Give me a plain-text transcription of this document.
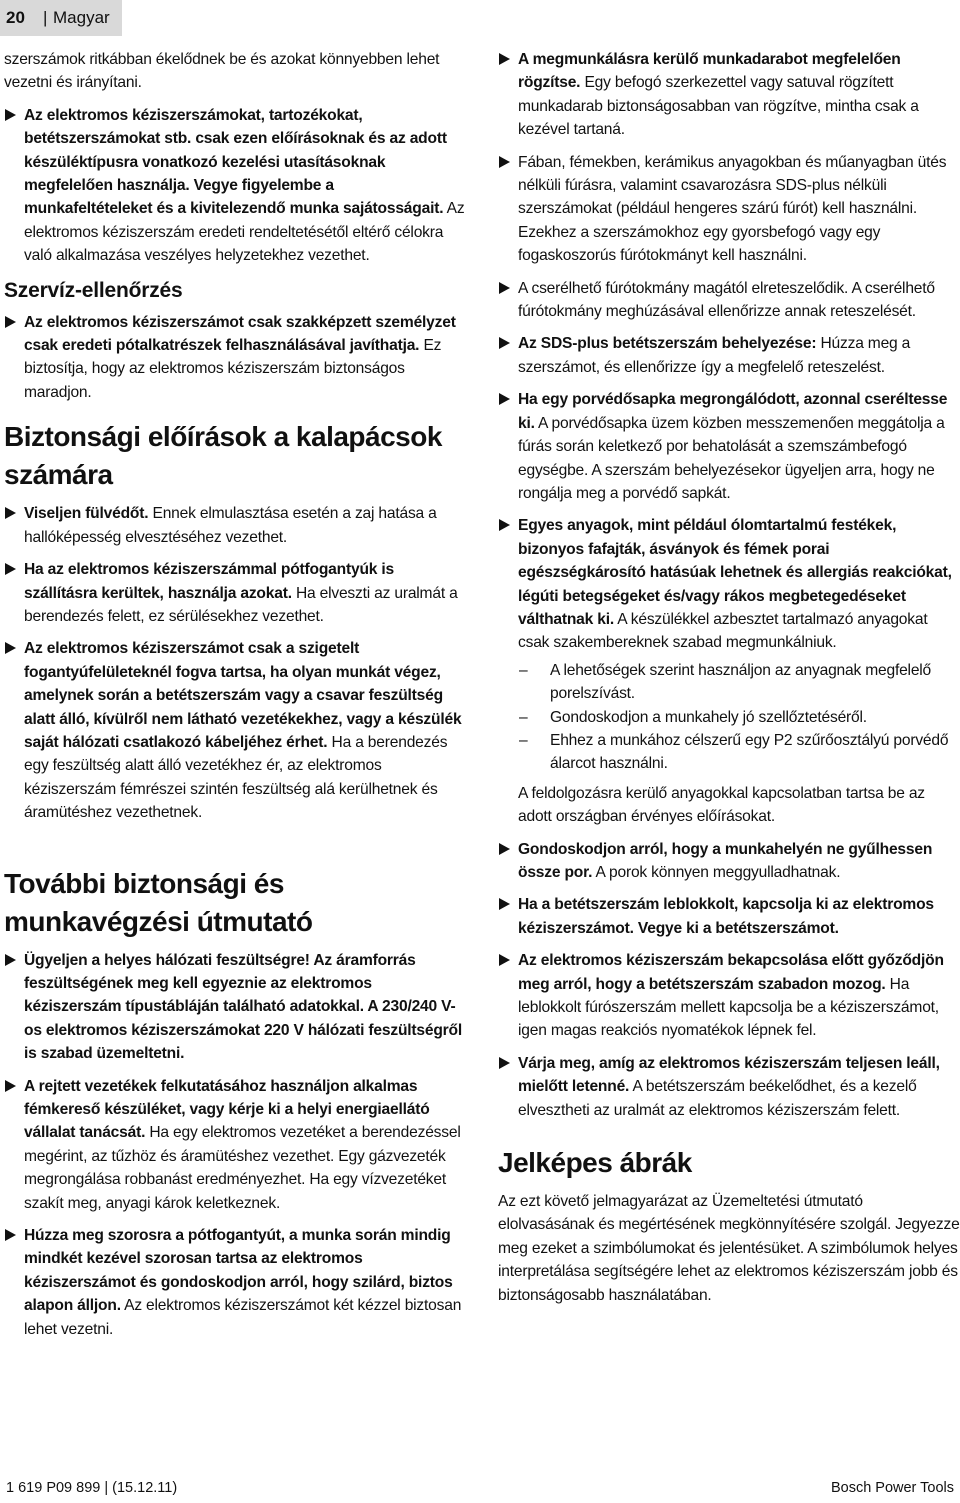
20 | Magyar

szerszámok ritkábban ékelődnek be és azokat könnyebben lehet vezetni és irányítani.

Az elektromos kéziszerszámokat, tartozékokat, betétszerszámokat stb. csak ezen előírásoknak és az adott készüléktípusra vonatkozó kezelési utasításoknak megfelelően használja. Vegye figyelembe a munkafeltételeket és a kivitelezendő munka sajátosságait. Az elektromos kéziszerszám eredeti rendeltetésétől eltérő célokra való alkalmazása veszélyes helyzetekhez vezethet.
Szervíz-ellenőrzés
Az elektromos kéziszerszámot csak szakképzett személyzet csak eredeti pótalkatrészek felhasználásával javíthatja. Ez biztosítja, hogy az elektromos kéziszerszám biztonságos maradjon.
Biztonsági előírások a kalapácsok számára
Viseljen fülvédőt. Ennek elmulasztása esetén a zaj hatása a hallóképesség elvesztéséhez vezethet.
Ha az elektromos kéziszerszámmal pótfogantyúk is szállításra kerültek, használja azokat. Ha elveszti az uralmát a berendezés felett, ez sérülésekhez vezethet.
Az elektromos kéziszerszámot csak a szigetelt fogantyúfelületeknél fogva tartsa, ha olyan munkát végez, amelynek során a betétszerszám vagy a csavar feszültség alatt álló, kívülről nem látható vezetékekhez, vagy a készülék saját hálózati csatlakozó kábeljéhez érhet. Ha a berendezés egy feszültség alatt álló vezetékhez ér, az elektromos kéziszerszám fémrészei szintén feszültség alá kerülhetnek és áramütéshez vezethetnek.
További biztonsági és munkavégzési útmutató
Ügyeljen a helyes hálózati feszültségre! Az áramforrás feszültségének meg kell egyeznie az elektromos kéziszerszám típustábláján található adatokkal. A 230/240 V-os elektromos kéziszerszámokat 220 V hálózati feszültségről is szabad üzemeltetni.
A rejtett vezetékek felkutatásához használjon alkalmas fémkereső készüléket, vagy kérje ki a helyi energiaellátó vállalat tanácsát. Ha egy elektromos vezetéket a berendezéssel megérint, az tűzhöz és áramütéshez vezethet. Egy gázvezeték megrongálása robbanást eredményezhet. Ha egy vízvezetéket szakít meg, anyagi károk keletkeznek.
Húzza meg szorosra a pótfogantyút, a munka során mindig mindkét kezével szorosan tartsa az elektromos kéziszerszámot és gondoskodjon arról, hogy szilárd, biztos alapon álljon. Az elektromos kéziszerszámot két kézzel biztosan lehet vezetni.
A megmunkálásra kerülő munkadarabot megfelelően rögzítse. Egy befogó szerkezettel vagy satuval rögzített munkadarab biztonságosabban van rögzítve, mintha csak a kezével tartaná.
Fában, fémekben, kerámikus anyagokban és műanyagban ütés nélküli fúrásra, valamint csavarozásra SDS-plus nélküli szerszámokat (például hengeres szárú fúrót) kell használni. Ezekhez a szerszámokhoz egy gyorsbefogó vagy egy fogaskoszorús fúrótokmányt kell használni.
A cserélhető fúrótokmány magától elreteszelődik. A cserélhető fúrótokmány meghúzásával ellenőrizze annak reteszelését.
Az SDS-plus betétszerszám behelyezése: Húzza meg a szerszámot, és ellenőrizze így a megfelelő reteszelést.
Ha egy porvédősapka megrongálódott, azonnal cseréltesse ki. A porvédősapka üzem közben messzemenően meggátolja a fúrás során keletkező por behatolását a szemszámbefogó egységbe. A szerszám behelyezésekor ügyeljen arra, hogy ne rongálja meg a porvédő sapkát.
Egyes anyagok, mint például ólomtartalmú festékek, bizonyos fafajták, ásványok és fémek porai egészségkárosító hatásúak lehetnek és allergiás reakciókat, légúti betegségeket és/vagy rákos megbetegedéseket válthatnak ki. A készülékkel azbesztet tartalmazó anyagokat csak szakembereknek szabad megmunkálniuk.
– A lehetőségek szerint használjon az anyagnak megfelelő porelszívást.
– Gondoskodjon a munkahely jó szellőztetéséről.
– Ehhez a munkához célszerű egy P2 szűrőosztályú porvédő álarcot használni.

A feldolgozásra kerülő anyagokkal kapcsolatban tartsa be az adott országban érvényes előírásokat.

Gondoskodjon arról, hogy a munkahelyén ne gyűlhessen össze por. A porok könnyen meggyulladhatnak.
Ha a betétszerszám leblokkolt, kapcsolja ki az elektromos kéziszerszámot. Vegye ki a betétszerszámot.
Az elektromos kéziszerszám bekapcsolása előtt győződjön meg arról, hogy a betétszerszám szabadon mozog. Ha leblokkolt fúrószerszám mellett kapcsolja be a kéziszerszámot, igen magas reakciós nyomatékok lépnek fel.
Várja meg, amíg az elektromos kéziszerszám teljesen leáll, mielőtt letenné. A betétszerszám beékelődhet, és a kezelő elvesztheti az uralmát az elektromos kéziszerszám felett.
Jelképes ábrák

Az ezt követő jelmagyarázat az Üzemeltetési útmutató elolvasásának és megértésének megkönnyítésére szolgál. Jegyezze meg ezeket a szimbólumokat és jelentésüket. A szimbólumok helyes interpretálása segítségére lehet az elektromos kéziszerszám jobb és biztonságosabb használatában.

1 619 P09 899 | (15.12.11)	Bosch Power Tools
